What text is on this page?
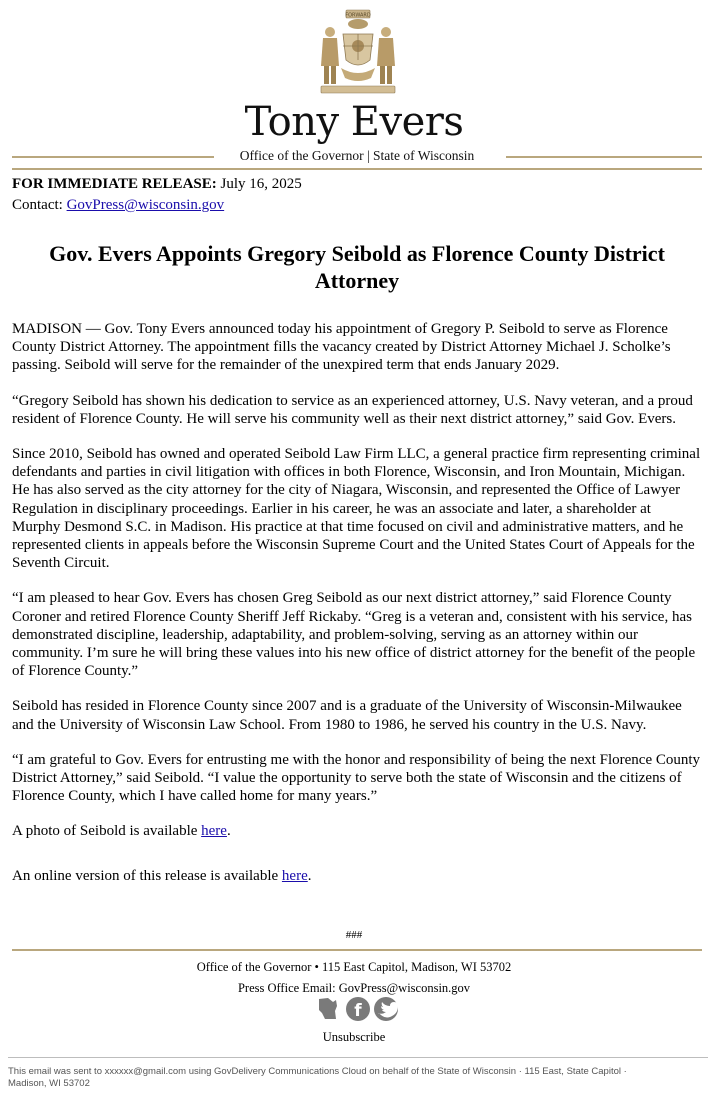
FORWARD
Tony Evers
Office of the Governor | State of Wisconsin
FOR IMMEDIATE RELEASE: July 16, 2025
Contact: GovPress@wisconsin.gov
Gov. Evers Appoints Gregory Seibold as Florence County District Attorney

MADISON — Gov. Tony Evers announced today his appointment of Gregory P. Seibold to serve as Florence County District Attorney. The appointment fills the vacancy created by District Attorney Michael J. Scholke’s passing. Seibold will serve for the remainder of the unexpired term that ends January 2029.

“Gregory Seibold has shown his dedication to service as an experienced attorney, U.S. Navy veteran, and a proud resident of Florence County. He will serve his community well as their next district attorney,” said Gov. Evers.

Since 2010, Seibold has owned and operated Seibold Law Firm LLC, a general practice firm representing criminal defendants and parties in civil litigation with offices in both Florence, Wisconsin, and Iron Mountain, Michigan. He has also served as the city attorney for the city of Niagara, Wisconsin, and represented the Office of Lawyer Regulation in disciplinary proceedings. Earlier in his career, he was an associate and later, a shareholder at Murphy Desmond S.C. in Madison. His practice at that time focused on civil and administrative matters, and he represented clients in appeals before the Wisconsin Supreme Court and the United States Court of Appeals for the Seventh Circuit.

“I am pleased to hear Gov. Evers has chosen Greg Seibold as our next district attorney,” said Florence County Coroner and retired Florence County Sheriff Jeff Rickaby. “Greg is a veteran and, consistent with his service, has demonstrated discipline, leadership, adaptability, and problem-solving, serving as an attorney within our community. I’m sure he will bring these values into his new office of district attorney for the benefit of the people of Florence County.”

Seibold has resided in Florence County since 2007 and is a graduate of the University of Wisconsin-Milwaukee and the University of Wisconsin Law School. From 1980 to 1986, he served his country in the U.S. Navy.

“I am grateful to Gov. Evers for entrusting me with the honor and responsibility of being the next Florence County District Attorney,” said Seibold. “I value the opportunity to serve both the state of Wisconsin and the citizens of Florence County, which I have called home for many years.”

A photo of Seibold is available here.

An online version of this release is available here.

###
Office of the Governor • 115 East Capitol, Madison, WI 53702
Press Office Email: GovPress@wisconsin.gov
f
Unsubscribe
This email was sent to xxxxxx@gmail.com using GovDelivery Communications Cloud on behalf of the State of Wisconsin · 115 East, State Capitol · Madison, WI 53702
